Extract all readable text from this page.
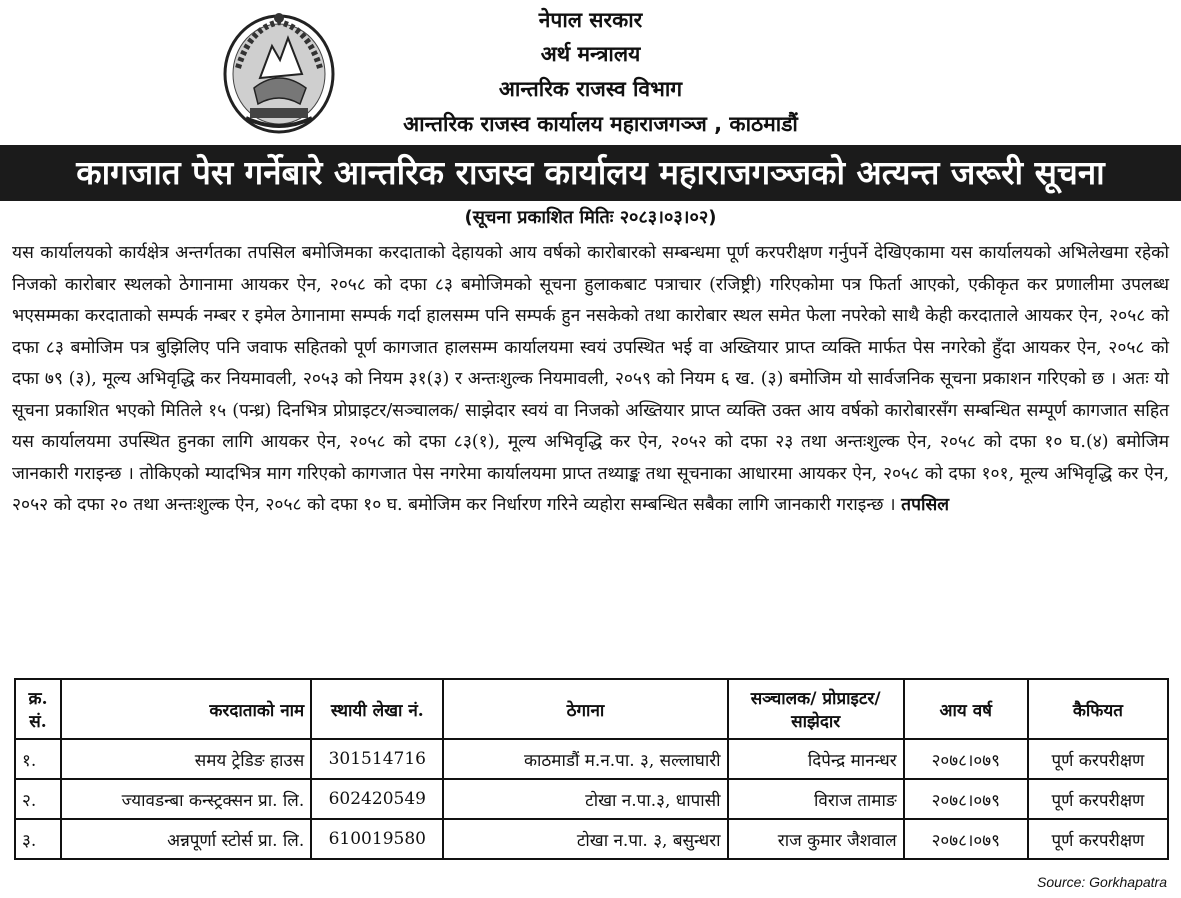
नेपाल सरकार
अर्थ मन्त्रालय
आन्तरिक राजस्व विभाग
आन्तरिक राजस्व कार्यालय महाराजगञ्ज , काठमाडौं
कागजात पेस गर्नेबारे आन्तरिक राजस्व कार्यालय महाराजगञ्जको अत्यन्त जरूरी सूचना
(सूचना प्रकाशित मितिः २०८३।०३।०२)
यस कार्यालयको कार्यक्षेत्र अन्तर्गतका तपसिल बमोजिमका करदाताको देहायको आय वर्षको कारोबारको सम्बन्धमा पूर्ण करपरीक्षण गर्नुपर्ने देखिएकामा यस कार्यालयको अभिलेखमा रहेको निजको कारोबार स्थलको ठेगानामा आयकर ऐन, २०५८ को दफा ८३ बमोजिमको सूचना हुलाकबाट पत्राचार (रजिष्ट्री) गरिएकोमा पत्र फिर्ता आएको, एकीकृत कर प्रणालीमा उपलब्ध भएसम्मका करदाताको सम्पर्क नम्बर र इमेल ठेगानामा सम्पर्क गर्दा हालसम्म पनि सम्पर्क हुन नसकेको तथा कारोबार स्थल समेत फेला नपरेको साथै केही करदाताले आयकर ऐन, २०५८ को दफा ८३ बमोजिम पत्र बुझिलिए पनि जवाफ सहितको पूर्ण कागजात हालसम्म कार्यालयमा स्वयं उपस्थित भई वा अख्तियार प्राप्त व्यक्ति मार्फत पेस नगरेको हुँदा आयकर ऐन, २०५८ को दफा ७९ (३), मूल्य अभिवृद्धि कर नियमावली, २०५३ को नियम ३१(३) र अन्तःशुल्क नियमावली, २०५९ को नियम ६ ख. (३) बमोजिम यो सार्वजनिक सूचना प्रकाशन गरिएको छ । अतः यो सूचना प्रकाशित भएको मितिले १५ (पन्ध्र) दिनभित्र प्रोप्राइटर/सञ्चालक/ साझेदार स्वयं वा निजको अख्तियार प्राप्त व्यक्ति उक्त आय वर्षको कारोबारसँग सम्बन्धित सम्पूर्ण कागजात सहित यस कार्यालयमा उपस्थित हुनका लागि आयकर ऐन, २०५८ को दफा ८३(१), मूल्य अभिवृद्धि कर ऐन, २०५२ को दफा २३ तथा अन्तःशुल्क ऐन, २०५८ को दफा १० घ.(४) बमोजिम जानकारी गराइन्छ । तोकिएको म्यादभित्र माग गरिएको कागजात पेस नगरेमा कार्यालयमा प्राप्त तथ्याङ्क तथा सूचनाका आधारमा आयकर ऐन, २०५८ को दफा १०१, मूल्य अभिवृद्धि कर ऐन, २०५२ को दफा २० तथा अन्तःशुल्क ऐन, २०५८ को दफा १० घ. बमोजिम कर निर्धारण गरिने व्यहोरा सम्बन्धित सबैका लागि जानकारी गराइन्छ । तपसिल
क्र. सं.	करदाताको नाम	स्थायी लेखा नं.	ठेगाना	सञ्चालक/ प्रोप्राइटर/साझेदार	आय वर्ष	कैफियत
१.	समय ट्रेडिङ हाउस	301514716	काठमाडौं म.न.पा. ३, सल्लाघारी	दिपेन्द्र मानन्धर	२०७८।०७९	पूर्ण करपरीक्षण
२.	ज्यावडन्बा कन्स्ट्रक्सन प्रा. लि.	602420549	टोखा न.पा.३, धापासी	विराज तामाङ	२०७८।०७९	पूर्ण करपरीक्षण
३.	अन्नपूर्णा स्टोर्स प्रा. लि.	610019580	टोखा न.पा. ३, बसुन्धरा	राज कुमार जैशवाल	२०७८।०७९	पूर्ण करपरीक्षण
Source: Gorkhapatra
